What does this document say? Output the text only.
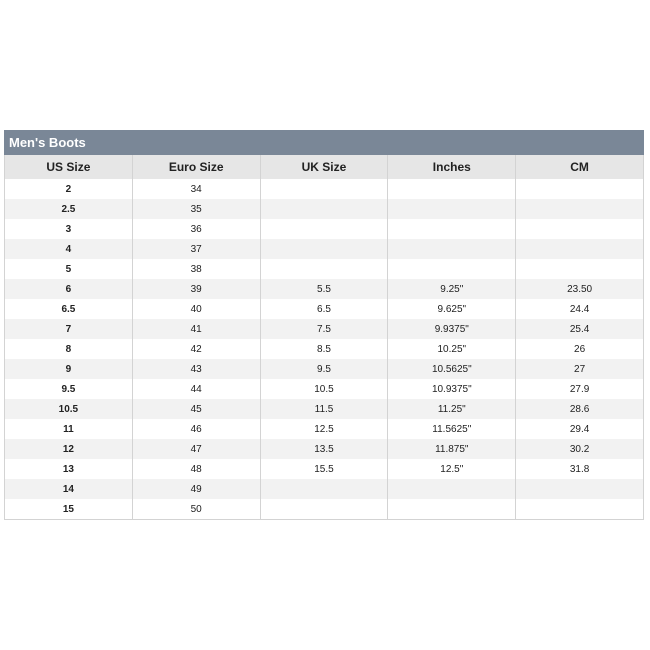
Men's Boots
US Size	Euro Size	UK Size	Inches	CM
2	34			
2.5	35			
3	36			
4	37			
5	38			
6	39	5.5	9.25"	23.50
6.5	40	6.5	9.625"	24.4
7	41	7.5	9.9375"	25.4
8	42	8.5	10.25"	26
9	43	9.5	10.5625"	27
9.5	44	10.5	10.9375"	27.9
10.5	45	11.5	11.25"	28.6
11	46	12.5	11.5625"	29.4
12	47	13.5	11.875"	30.2
13	48	15.5	12.5"	31.8
14	49			
15	50			
